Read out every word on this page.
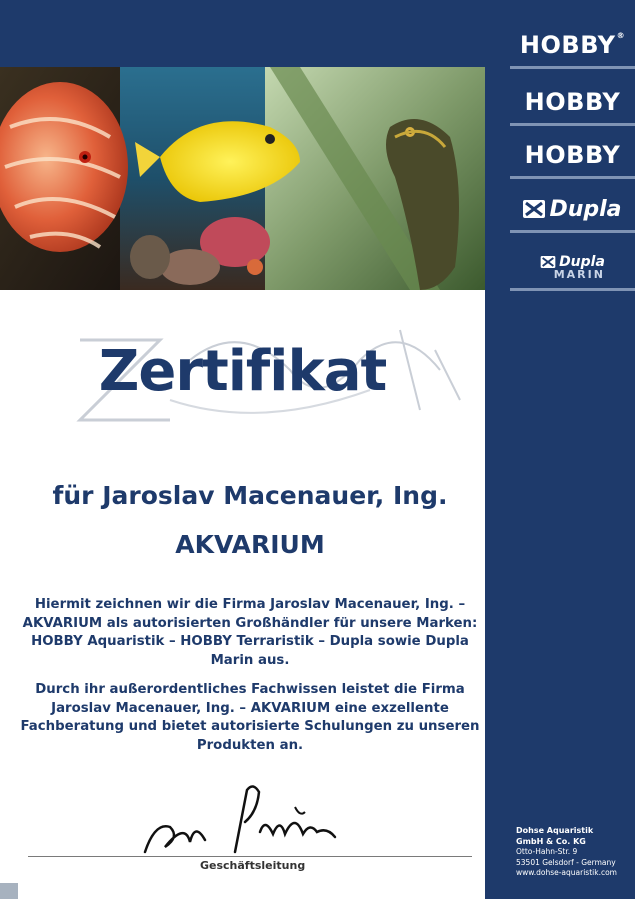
HOBBY®
HOBBY
HOBBY
Dupla
Dupla
MARIN
Zertifikat
für Jaroslav Macenauer, Ing.
AKVARIUM

Hiermit zeichnen wir die Firma Jaroslav Macenauer, Ing. – AKVARIUM als autorisierten Großhändler für unsere Marken: HOBBY Aquaristik – HOBBY Terraristik – Dupla sowie Dupla Marin aus.

Durch ihr außerordentliches Fachwissen leistet die Firma Jaroslav Macenauer, Ing. – AKVARIUM eine exzellente Fachberatung und bietet autorisierte Schulungen zu unseren Produkten an.

Geschäftsleitung
Dohse Aquaristik
GmbH & Co. KG
Otto-Hahn-Str. 9
53501 Gelsdorf - Germany
www.dohse-aquaristik.com
